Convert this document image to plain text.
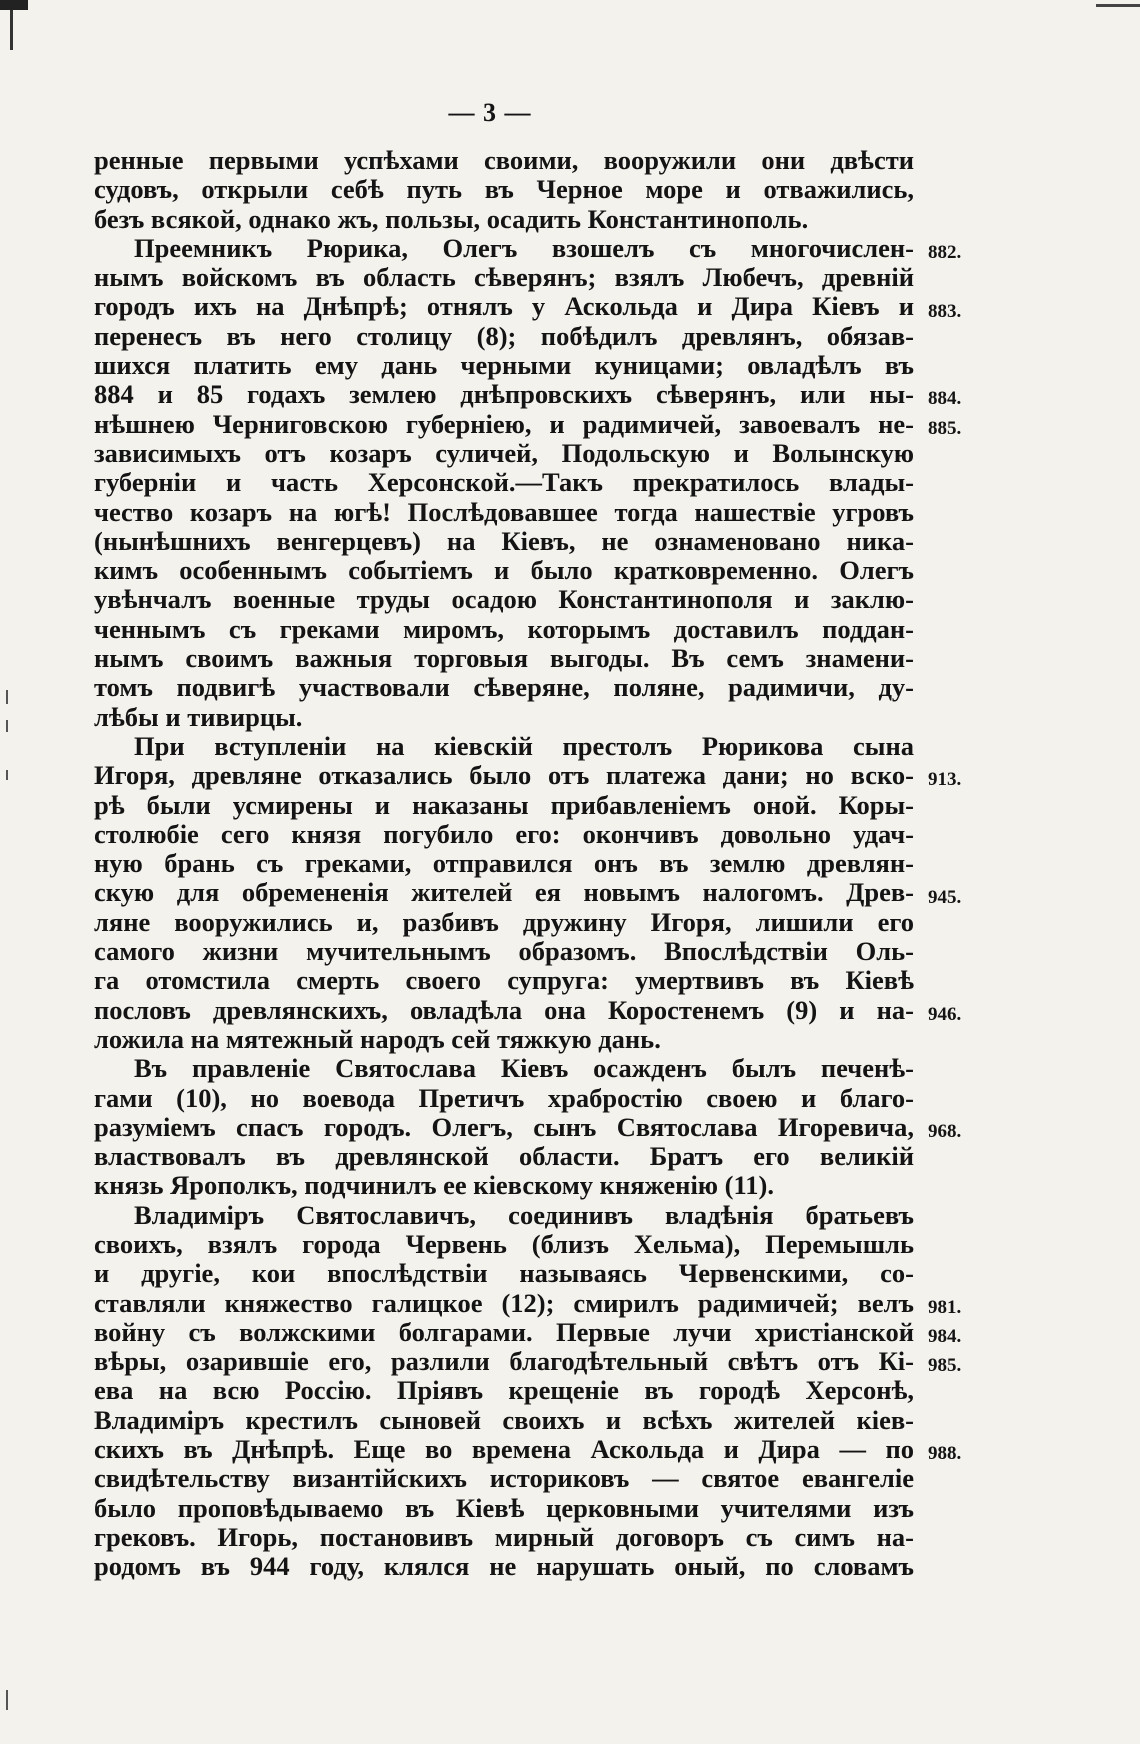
— 3 —
ренные первыми успѣхами своими, вооружили они двѣсти
судовъ, открыли себѣ путь въ Черное море и отважились,
безъ всякой, однако жъ, пользы, осадить Константинополь.
Преемникъ Рюрика, Олегъ взошелъ съ многочислен-
нымъ войскомъ въ область сѣверянъ; взялъ Любечъ, древній
городъ ихъ на Днѣпрѣ; отнялъ у Аскольда и Дира Кіевъ и
перенесъ въ него столицу (8); побѣдилъ древлянъ, обязав-
шихся платить ему дань черными куницами; овладѣлъ въ
884 и 85 годахъ землею днѣпровскихъ сѣверянъ, или ны-
нѣшнею Черниговскою губерніею, и радимичей, завоевалъ не-
зависимыхъ отъ козаръ суличей, Подольскую и Волынскую
губерніи и часть Херсонской.—Такъ прекратилось влады-
чество козаръ на югѣ! Послѣдовавшее тогда нашествіе угровъ
(нынѣшнихъ венгерцевъ) на Кіевъ, не ознаменовано ника-
кимъ особеннымъ событіемъ и было кратковременно. Олегъ
увѣнчалъ военные труды осадою Константинополя и заклю-
ченнымъ съ греками миромъ, которымъ доставилъ поддан-
нымъ своимъ важныя торговыя выгоды. Въ семъ знамени-
томъ подвигѣ участвовали сѣверяне, поляне, радимичи, ду-
лѣбы и тивирцы.
При вступленіи на кіевскій престолъ Рюрикова сына
Игоря, древляне отказались было отъ платежа дани; но вско-
рѣ были усмирены и наказаны прибавленіемъ оной. Коры-
столюбіе сего князя погубило его: окончивъ довольно удач-
ную брань съ греками, отправился онъ въ землю древлян-
скую для обремененія жителей ея новымъ налогомъ. Древ-
ляне вооружились и, разбивъ дружину Игоря, лишили его
самого жизни мучительнымъ образомъ. Впослѣдствіи Оль-
га отомстила смерть своего супруга: умертвивъ въ Кіевѣ
пословъ древлянскихъ, овладѣла она Коростенемъ (9) и на-
ложила на мятежный народъ сей тяжкую дань.
Въ правленіе Святослава Кіевъ осажденъ былъ печенѣ-
гами (10), но воевода Претичъ храбростію своею и благо-
разуміемъ спасъ городъ. Олегъ, сынъ Святослава Игоревича,
властвовалъ въ древлянской области. Братъ его великій
князь Ярополкъ, подчинилъ ее кіевскому княженію (11).
Владиміръ Святославичъ, соединивъ владѣнія братьевъ
своихъ, взялъ города Червень (близъ Хельма), Перемышль
и другіе, кои впослѣдствіи называясь Червенскими, со-
ставляли княжество галицкое (12); смирилъ радимичей; велъ
войну съ волжскими болгарами. Первые лучи христіанской
вѣры, озарившіе его, разлили благодѣтельный свѣтъ отъ Кі-
ева на всю Россію. Пріявъ крещеніе въ городѣ Херсонѣ,
Владиміръ крестилъ сыновей своихъ и всѣхъ жителей кіев-
скихъ въ Днѣпрѣ. Еще во времена Аскольда и Дира — по
свидѣтельству византійскихъ историковъ — святое евангеліе
было проповѣдываемо въ Кіевѣ церковными учителями изъ
грековъ. Игорь, постановивъ мирный договоръ съ симъ на-
родомъ въ 944 году, клялся не нарушать оный, по словамъ
882.
883.
884.
885.
913.
945.
946.
968.
981.
984.
985.
988.
